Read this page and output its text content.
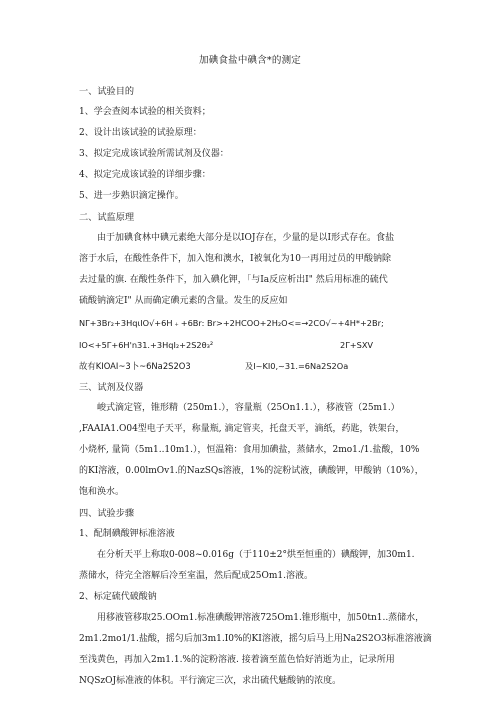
加碘食盐中碘含*的测定
一、试验目的
1、学会查阅本试验的相关资料；
2、设计出该试验的试验原理：
3、拟定完成该试验所需试剂及仪器：
4、拟定完成该试验的详细步骤：
5、进一步熟识滴定操作。
二、试监原理
由于加碘食林中碘元素绝大部分是以IOJ存在，少量的是以I形式存在。食盐
溶于水后，在酸性条件下，加入饱和澳水，I被氧化为10一再用过员的甲酸钠除
去过量的旗. 在酸性条件下，加入碘化钾，「与Ia反应析出I" 然后用标准的硫代
硫酸钠滴定I" 从而确定碘元素的含量。发生的反应如
NΓ+3Br₂+3HqιIO√+6H﹢+6Br: Br>+2HCOO+2H₂O<=→2CO√~+4H*+2Br;
IO<+5Γ+6H'n31.+3HqI₂+2S2θ₃²	2Γ+SXV
故有KIOAI~3卜~6Na2S2O3	及I~KI0,~31.=6Na2S2Oa
三、试剂及仪器
峻式滴定管，锥形精（250m1.），容量瓶（25On1.1.），移液管（25m1.）
,FAAIA1.O04型电子天平，称量瓶, 滴定管夹，托盘天平，滴纸，药匙，铁架台，
小烧杯, 量筒（5m1..10m1.），恒温箱：食用加碘盐，蒸储水，2mo1./1.盐酸，10%
的KI溶液，0.00lmOv1.的NazSQs溶液，1%的淀粉试液，碘酸钾，甲酸钠（10%），
饱和涣水。
四、试验步骤
1、配制碘酸钾标准溶液
在分析天平上称取0-008~0.016g（于110±2°烘至恒重的）碘酸钾，加30m1.
蒸储水，待完全溶解后冷至室温，然后配成25Om1.溶液。
2、标定硫代破酸钠
用移液管移取25.OOm1.标准碘酸钾溶液725Om1.锥形瓶中，加50tn1..蒸储水，
2m1.2mo1/1.盐酸，摇匀后加3m1.I0%的KI溶液，摇匀后马上用Na2S2O3标准溶液滴
至浅黄色，再加入2m1.1.%的淀粉溶液. 接着滴至蓝色恰好消逝为止，记录所用
NQSzOJ标准液的体积。平行滴定三次，求出硫代魅酸钠的浓度。
